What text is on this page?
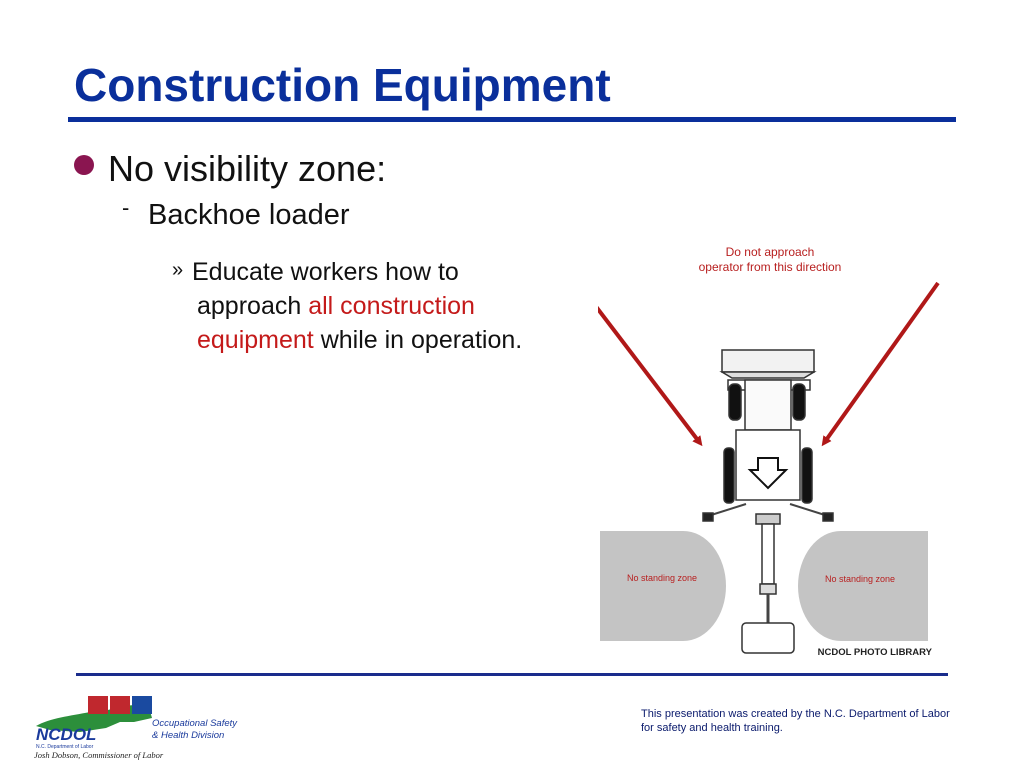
Construction Equipment
No visibility zone:
- Backhoe loader
» Educate workers how to
approach all construction
equipment while in operation.
Do not approach
operator from this direction
No standing zone	No standing zone
NCDOL PHOTO LIBRARY
NCDOL
N.C. Department of Labor
Occupational Safety
& Health Division
Josh Dobson, Commissioner of Labor
This presentation was created by the N.C. Department of Labor for safety and health training.
